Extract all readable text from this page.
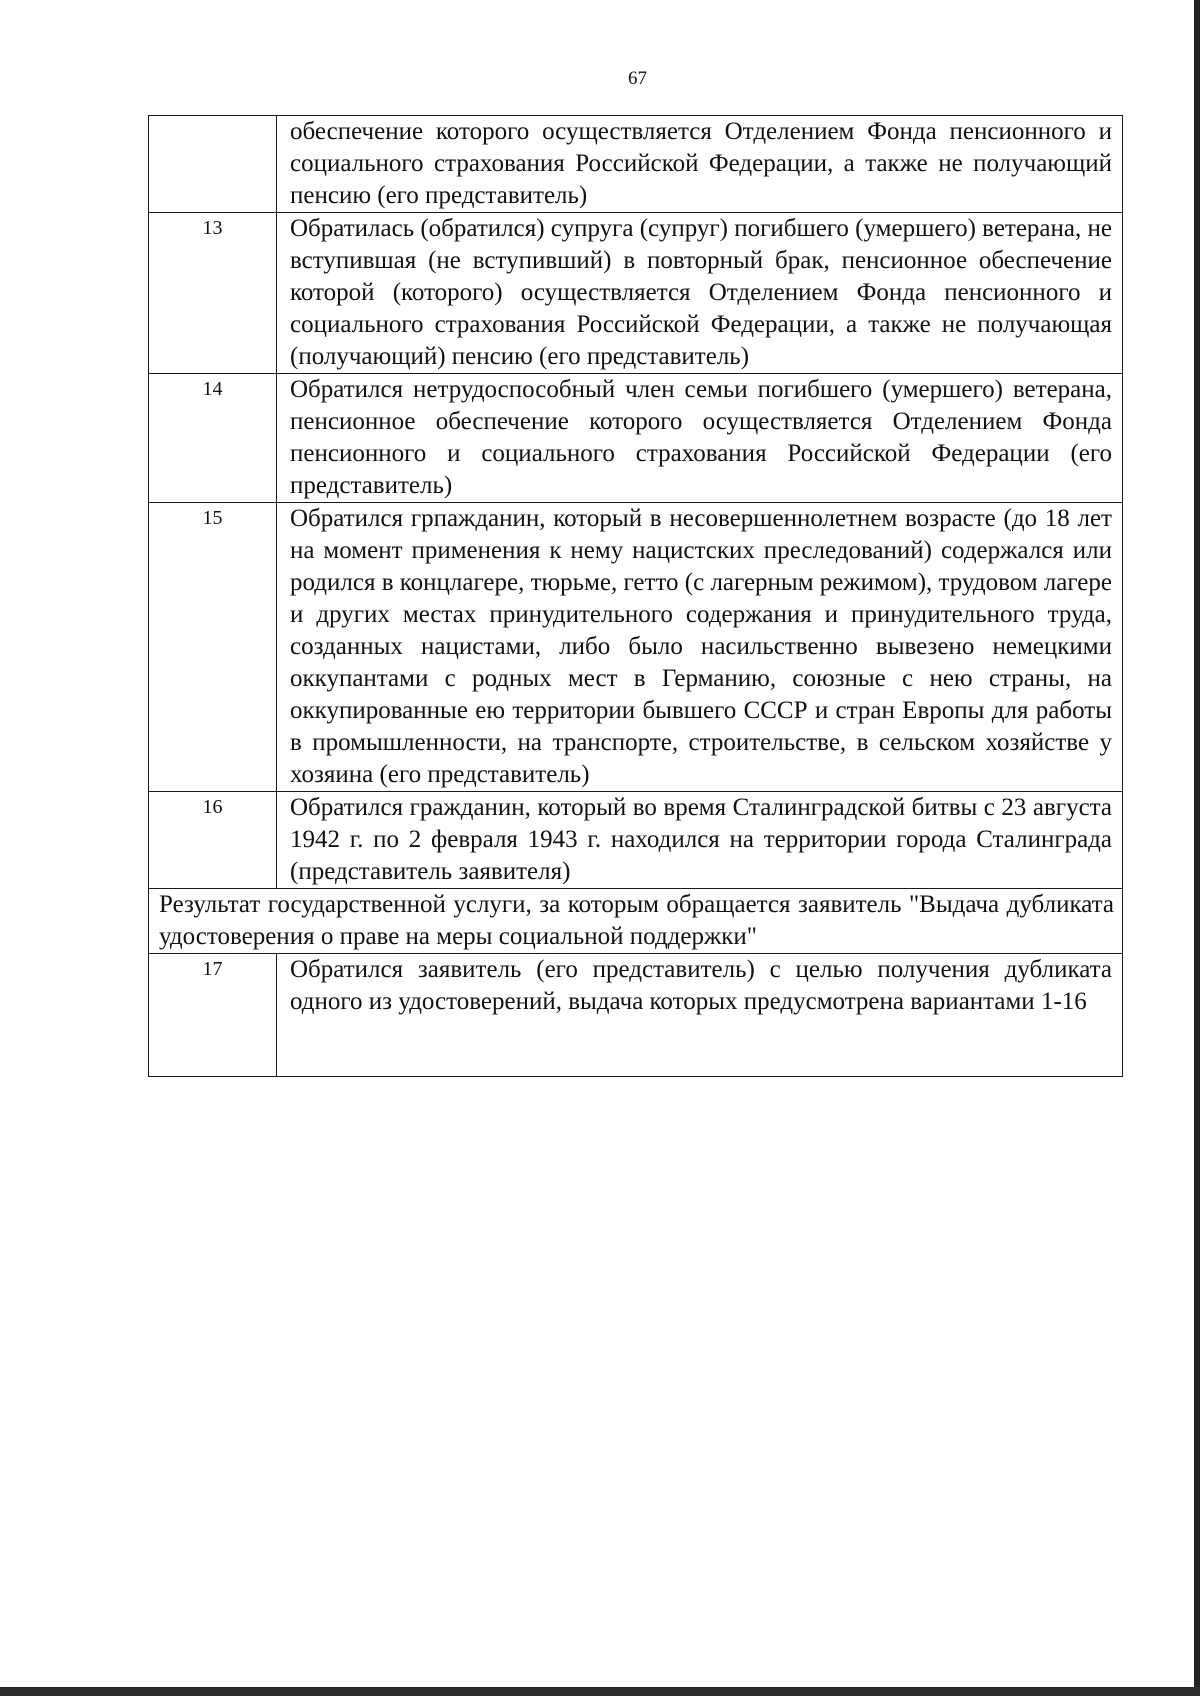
67
	обеспечение которого осуществляется Отделением Фонда пенсионного и социального страхования Российской Федерации, а также не получающий пенсию (его представитель)
13	Обратилась (обратился) супруга (супруг) погибшего (умершего) ветерана, не вступившая (не вступивший) в повторный брак, пенсионное обеспечение которой (которого) осуществляется Отделением Фонда пенсионного и социального страхования Российской Федерации, а также не получающая (получающий) пенсию (его представитель)
14	Обратился нетрудоспособный член семьи погибшего (умершего) ветерана, пенсионное обеспечение которого осуществляется Отделением Фонда пенсионного и социального страхования Российской Федерации (его представитель)
15	Обратился грпажданин, который в несовершеннолетнем возрасте (до 18 лет на момент применения к нему нацистских преследований) содержался или родился в концлагере, тюрьме, гетто (с лагерным режимом), трудовом лагере и других местах принудительного содержания и принудительного труда, созданных нацистами, либо было насильственно вывезено немецкими оккупантами с родных мест в Германию, союзные с нею страны, на оккупированные ею территории бывшего СССР и стран Европы для работы в промышленности, на транспорте, строительстве, в сельском хозяйстве у хозяина (его представитель)
16	Обратился гражданин, который во время Сталинградской битвы с 23 августа 1942 г. по 2 февраля 1943 г. находился на территории города Сталинграда (представитель заявителя)
Результат государственной услуги, за которым обращается заявитель "Выдача дубликата удостоверения о праве на меры социальной поддержки"	
17	Обратился заявитель (его представитель) с целью получения дубликата одного из удостоверений, выдача которых предусмотрена вариантами 1-16
